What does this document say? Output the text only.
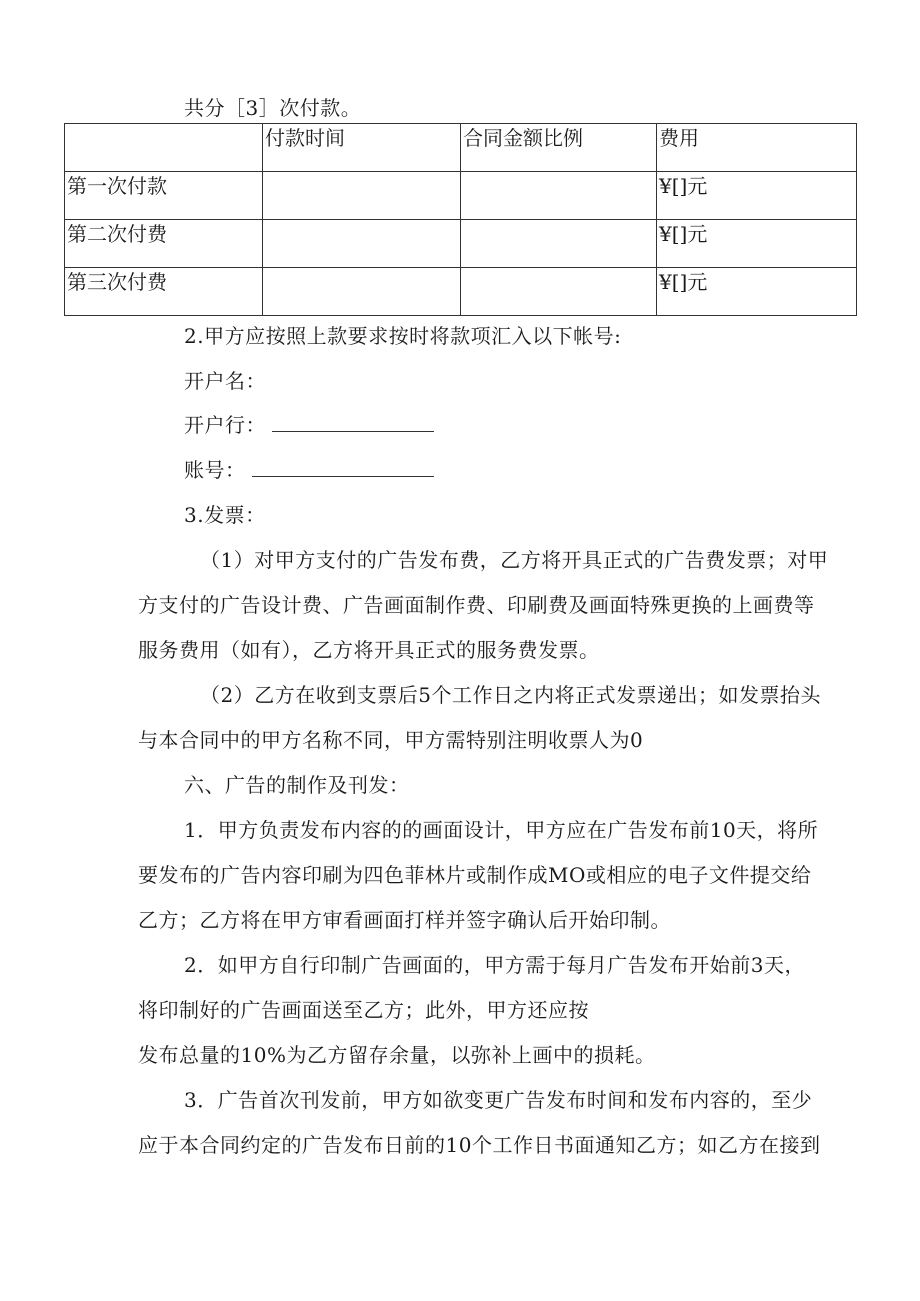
共分［3］次付款。
	付款时间	合同金额比例	费用
第一次付款			¥[]元
第二次付费			¥[]元
第三次付费			¥[]元
2.甲方应按照上款要求按时将款项汇入以下帐号:
开户名：
开户行：
账号：
3.发票：
（1）对甲方支付的广告发布费，乙方将开具正式的广告费发票；对甲
方支付的广告设计费、广告画面制作费、印刷费及画面特殊更换的上画费等
服务费用（如有），乙方将开具正式的服务费发票。
（2）乙方在收到支票后5个工作日之内将正式发票递出；如发票抬头
与本合同中的甲方名称不同，甲方需特别注明收票人为0
六、广告的制作及刊发：
1．甲方负责发布内容的的画面设计，甲方应在广告发布前10天，将所
要发布的广告内容印刷为四色菲林片或制作成MO或相应的电子文件提交给
乙方；乙方将在甲方审看画面打样并签字确认后开始印制。
2．如甲方自行印制广告画面的，甲方需于每月广告发布开始前3天，
将印制好的广告画面送至乙方；此外，甲方还应按
发布总量的10%为乙方留存余量，以弥补上画中的损耗。
3．广告首次刊发前，甲方如欲变更广告发布时间和发布内容的，至少
应于本合同约定的广告发布日前的10个工作日书面通知乙方；如乙方在接到
